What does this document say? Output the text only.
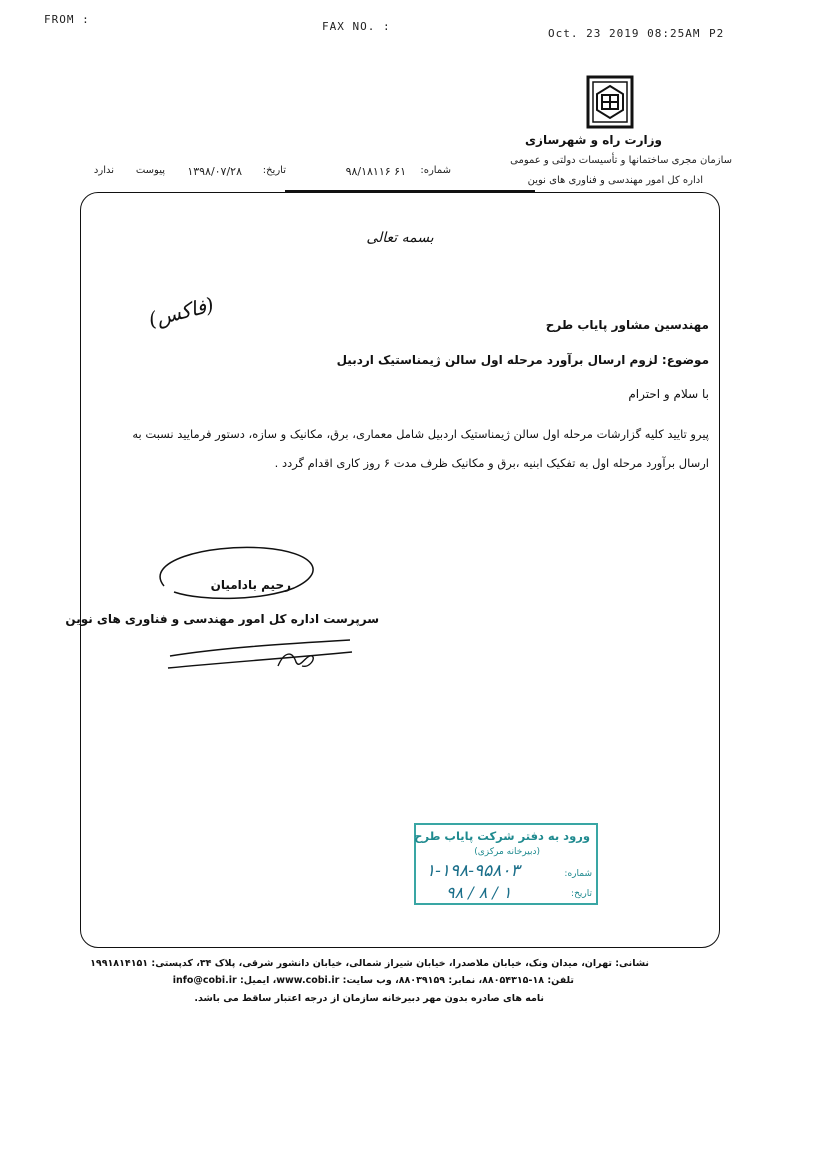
FROM :
FAX NO. :
Oct. 23 2019 08:25AM P2
وزارت راه و شهرسازی
سازمان مجری ساختمانها و تأسیسات دولتی و عمومی
اداره کل امور مهندسی و فناوری های نوین
شماره:
۶۱ ۹۸/۱۸۱۱۶
تاریخ:
۱۳۹۸/۰۷/۲۸
پیوست
ندارد
بسمه تعالی
(فاکس)	مهندسین مشاور پایاب طرح
موضوع: لزوم ارسال برآورد مرحله اول سالن ژیمناستیک اردبیل
با سلام و احترام
پیرو تایید کلیه گزارشات مرحله اول سالن ژیمناستیک اردبیل شامل معماری، برق، مکانیک و سازه، دستور فرمایید نسبت به
ارسال برآورد مرحله اول به تفکیک ابنیه ،برق و مکانیک ظرف مدت ۶ روز کاری اقدام گردد .
رحیم بادامیان
سرپرست اداره کل امور مهندسی و فناوری های نوین
ورود به دفتر شرکت پایاب طرح
(دبیرخانه مرکزی)
شماره:
۱-۱۹۸-۹۵۸۰۳
تاریخ:
۹۸ / ۸ / ۱
نشانی: تهران، میدان ونک، خیابان ملاصدرا، خیابان شیراز شمالی، خیابان دانشور شرقی، پلاک ۳۴، کدپستی: ۱۹۹۱۸۱۴۱۵۱
تلفن: ۱۸-۸۸۰۵۴۳۱۵، نمابر: ۸۸۰۳۹۱۵۹، وب سایت: www.cobi.ir، ایمیل: info@cobi.ir
نامه های صادره بدون مهر دبیرخانه سازمان از درجه اعتبار ساقط می باشد.
